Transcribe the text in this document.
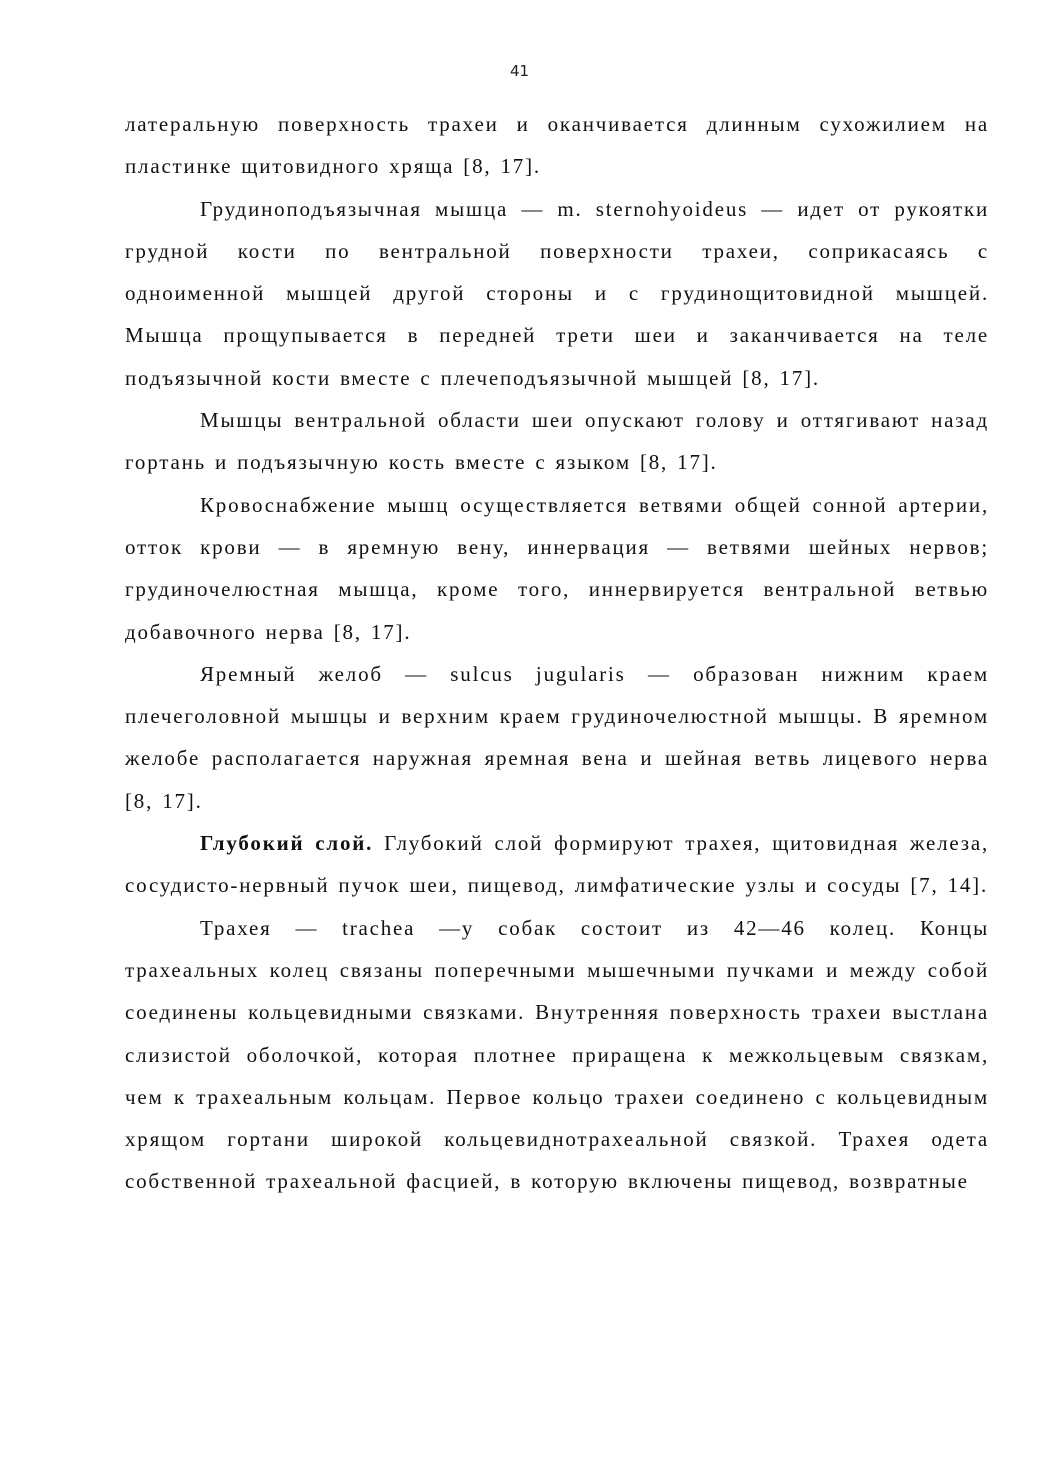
41

латеральную поверхность трахеи и оканчивается длинным сухожилием на пластинке щитовидного хряща [8, 17].

Грудиноподъязычная мышца — m. sternohyoideus — идет от рукоятки грудной кости по вентральной поверхности трахеи, соприкасаясь с одноименной мышцей другой стороны и с грудинощитовидной мышцей. Мышца прощупывается в передней трети шеи и заканчивается на теле подъязычной кости вместе с плечеподъязычной мышцей [8, 17].

Мышцы вентральной области шеи опускают голову и оттягивают назад гортань и подъязычную кость вместе с языком [8, 17].

Кровоснабжение мышц осуществляется ветвями общей сонной артерии, отток крови — в яремную вену, иннервация — ветвями шейных нервов; грудиночелюстная мышца, кроме того, иннервируется вентральной ветвью добавочного нерва [8, 17].

Яремный желоб — sulcus jugularis — образован нижним краем плечеголовной мышцы и верхним краем грудиночелюстной мышцы. В яремном желобе располагается наружная яремная вена и шейная ветвь лицевого нерва [8, 17].

Глубокий слой. Глубокий слой формируют трахея, щитовидная железа, сосудисто-нервный пучок шеи, пищевод, лимфатические узлы и сосуды [7, 14].

Трахея — trachea —у собак состоит из 42—46 колец. Концы трахеальных колец связаны поперечными мышечными пучками и между собой соединены кольцевидными связками. Внутренняя поверхность трахеи выстлана слизистой оболочкой, которая плотнее приращена к межкольцевым связкам, чем к трахеальным кольцам. Первое кольцо трахеи соединено с кольцевидным хрящом гортани широкой кольцевиднотрахеальной связкой. Трахея одета собственной трахеальной фасцией, в которую включены пищевод, возвратные
